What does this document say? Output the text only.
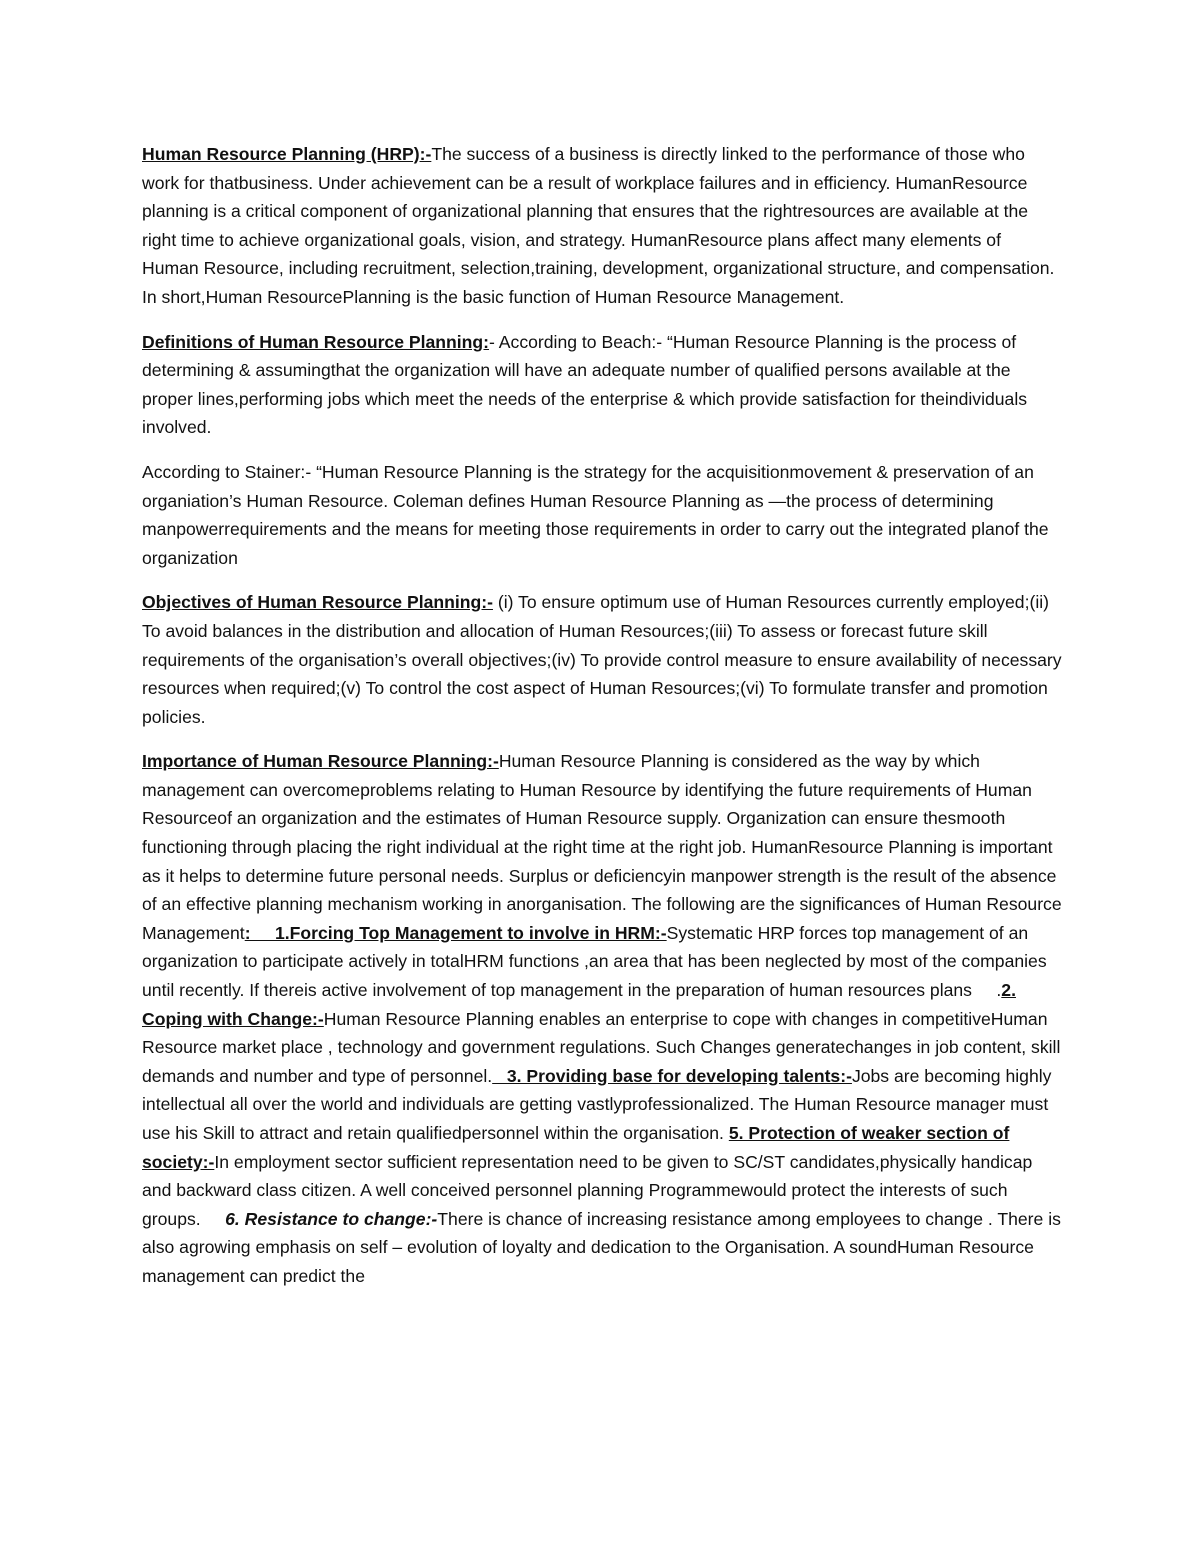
Human Resource Planning (HRP):-The success of a business is directly linked to the performance of those who work for thatbusiness. Under achievement can be a result of workplace failures and in efficiency. HumanResource planning is a critical component of organizational planning that ensures that the rightresources are available at the right time to achieve organizational goals, vision, and strategy. HumanResource plans affect many elements of Human Resource, including recruitment, selection,training, development, organizational structure, and compensation. In short,Human ResourcePlanning is the basic function of Human Resource Management.

Definitions of Human Resource Planning:- According to Beach:- “Human Resource Planning is the process of determining & assumingthat the organization will have an adequate number of qualified persons available at the proper lines,performing jobs which meet the needs of the enterprise & which provide satisfaction for theindividuals involved.

According to Stainer:- “Human Resource Planning is the strategy for the acquisitionmovement & preservation of an organiation’s Human Resource. Coleman defines Human Resource Planning as —the process of determining manpowerrequirements and the means for meeting those requirements in order to carry out the integrated planof the organization

Objectives of Human Resource Planning:- (i) To ensure optimum use of Human Resources currently employed;(ii) To avoid balances in the distribution and allocation of Human Resources;(iii) To assess or forecast future skill requirements of the organisation’s overall objectives;(iv) To provide control measure to ensure availability of necessary resources when required;(v) To control the cost aspect of Human Resources;(vi) To formulate transfer and promotion policies.

Importance of Human Resource Planning:-Human Resource Planning is considered as the way by which management can overcomeproblems relating to Human Resource by identifying the future requirements of Human Resourceof an organization and the estimates of Human Resource supply. Organization can ensure thesmooth functioning through placing the right individual at the right time at the right job. HumanResource Planning is important as it helps to determine future personal needs. Surplus or deficiencyin manpower strength is the result of the absence of an effective planning mechanism working in anorganisation. The following are the significances of Human Resource Management:     1.Forcing Top Management to involve in HRM:-Systematic HRP forces top management of an organization to participate actively in totalHRM functions ,an area that has been neglected by most of the companies until recently. If thereis active involvement of top management in the preparation of human resources plans     .2. Coping with Change:-Human Resource Planning enables an enterprise to cope with changes in competitiveHuman Resource market place , technology and government regulations. Such Changes generatechanges in job content, skill demands and number and type of personnel.   3. Providing base for developing talents:-Jobs are becoming highly intellectual all over the world and individuals are getting vastlyprofessionalized. The Human Resource manager must use his Skill to attract and retain qualifiedpersonnel within the organisation. 5. Protection of weaker section of society:-In employment sector sufficient representation need to be given to SC/ST candidates,physically handicap and backward class citizen. A well conceived personnel planning Programmewould protect the interests of such groups.     6. Resistance to change:-There is chance of increasing resistance among employees to change . There is also agrowing emphasis on self – evolution of loyalty and dedication to the Organisation. A soundHuman Resource management can predict the
